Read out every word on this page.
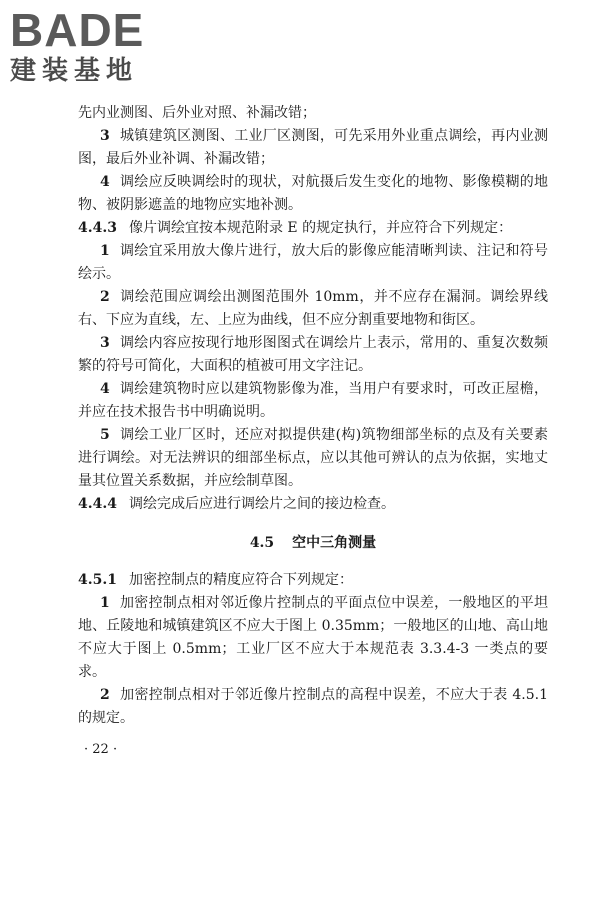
BADE
建装基地

先内业测图、后外业对照、补漏改错；

3 城镇建筑区测图、工业厂区测图，可先采用外业重点调绘，再内业测图，最后外业补调、补漏改错；

4 调绘应反映调绘时的现状，对航摄后发生变化的地物、影像模糊的地物、被阴影遮盖的地物应实地补测。

4.4.3 像片调绘宜按本规范附录 E 的规定执行，并应符合下列规定：

1 调绘宜采用放大像片进行，放大后的影像应能清晰判读、注记和符号绘示。

2 调绘范围应调绘出测图范围外 10mm，并不应存在漏洞。调绘界线右、下应为直线，左、上应为曲线，但不应分割重要地物和街区。

3 调绘内容应按现行地形图图式在调绘片上表示，常用的、重复次数频繁的符号可简化，大面积的植被可用文字注记。

4 调绘建筑物时应以建筑物影像为准，当用户有要求时，可改正屋檐，并应在技术报告书中明确说明。

5 调绘工业厂区时，还应对拟提供建(构)筑物细部坐标的点及有关要素进行调绘。对无法辨识的细部坐标点，应以其他可辨认的点为依据，实地丈量其位置关系数据，并应绘制草图。

4.4.4 调绘完成后应进行调绘片之间的接边检查。

4.5 空中三角测量

4.5.1 加密控制点的精度应符合下列规定：

1 加密控制点相对邻近像片控制点的平面点位中误差，一般地区的平坦地、丘陵地和城镇建筑区不应大于图上 0.35mm；一般地区的山地、高山地不应大于图上 0.5mm；工业厂区不应大于本规范表 3.3.4-3 一类点的要求。

2 加密控制点相对于邻近像片控制点的高程中误差，不应大于表 4.5.1 的规定。

· 22 ·
